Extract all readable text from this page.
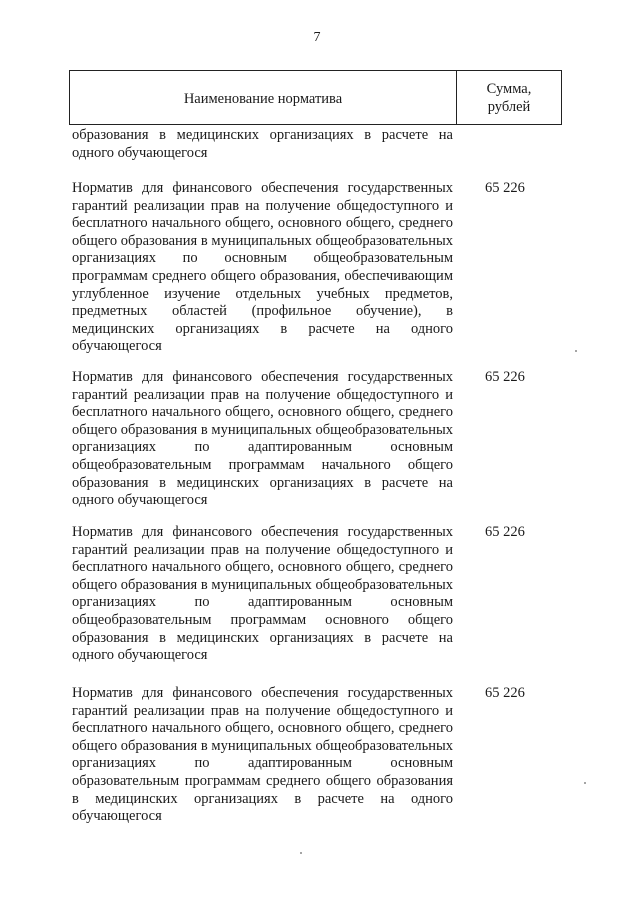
7
Наименование норматива
Сумма,
рублей
образования в медицинских организациях в расчете на одного обучающегося
Норматив для финансового обеспечения государственных гарантий реализации прав на получение общедоступного и бесплатного начального общего, основного общего, среднего общего образования в муниципальных общеобразовательных организациях по основным общеобразовательным программам среднего общего образования, обеспечивающим углубленное изучение отдельных учебных предметов, предметных областей (профильное обучение), в медицинских организациях в расчете на одного обучающегося
65 226
Норматив для финансового обеспечения государственных гарантий реализации прав на получение общедоступного и бесплатного начального общего, основного общего, среднего общего образования в муниципальных общеобразовательных организациях по адаптированным основным общеобразовательным программам начального общего образования в медицинских организациях в расчете на одного обучающегося
65 226
Норматив для финансового обеспечения государственных гарантий реализации прав на получение общедоступного и бесплатного начального общего, основного общего, среднего общего образования в муниципальных общеобразовательных организациях по адаптированным основным общеобразовательным программам основного общего образования в медицинских организациях в расчете на одного обучающегося
65 226
Норматив для финансового обеспечения государственных гарантий реализации прав на получение общедоступного и бесплатного начального общего, основного общего, среднего общего образования в муниципальных общеобразовательных организациях по адаптированным основным образовательным программам среднего общего образования в медицинских организациях в расчете на одного обучающегося
65 226
